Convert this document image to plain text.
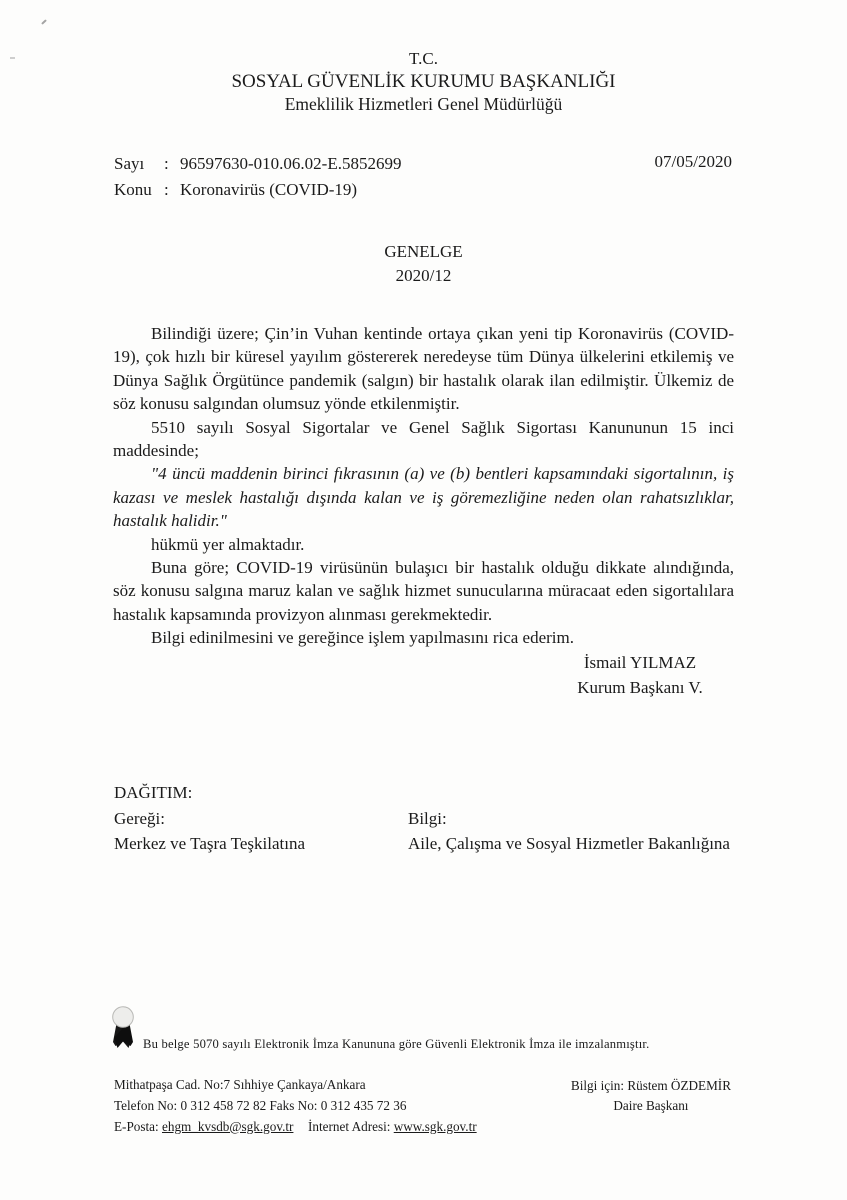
T.C.
SOSYAL GÜVENLİK KURUMU BAŞKANLIĞI
Emeklilik Hizmetleri Genel Müdürlüğü
Sayı	: 96597630-010.06.02-E.5852699
Konu : Koronavirüs (COVID-19)
07/05/2020
GENELGE
2020/12

Bilindiği üzere; Çin’in Vuhan kentinde ortaya çıkan yeni tip Koronavirüs (COVID-19), çok hızlı bir küresel yayılım göstererek neredeyse tüm Dünya ülkelerini etkilemiş ve Dünya Sağlık Örgütünce pandemik (salgın) bir hastalık olarak ilan edilmiştir. Ülkemiz de söz konusu salgından olumsuz yönde etkilenmiştir.

5510 sayılı Sosyal Sigortalar ve Genel Sağlık Sigortası Kanununun 15 inci maddesinde;

"4 üncü maddenin birinci fıkrasının (a) ve (b) bentleri kapsamındaki sigortalının, iş kazası ve meslek hastalığı dışında kalan ve iş göremezliğine neden olan rahatsızlıklar, hastalık halidir."

hükmü yer almaktadır.

Buna göre; COVID-19 virüsünün bulaşıcı bir hastalık olduğu dikkate alındığında, söz konusu salgına maruz kalan ve sağlık hizmet sunucularına müracaat eden sigortalılara hastalık kapsamında provizyon alınması gerekmektedir.

Bilgi edinilmesini ve gereğince işlem yapılmasını rica ederim.

İsmail YILMAZ
Kurum Başkanı V.
DAĞITIM:
Gereği:	Bilgi:
Merkez ve Taşra Teşkilatına	Aile, Çalışma ve Sosyal Hizmetler Bakanlığına
Bu belge 5070 sayılı Elektronik İmza Kanununa göre Güvenli Elektronik İmza ile imzalanmıştır.
Mithatpaşa Cad. No:7 Sıhhiye Çankaya/Ankara
Telefon No: 0 312 458 72 82 Faks No: 0 312 435 72 36
E-Posta: ehgm_kvsdb@sgk.gov.tr İnternet Adresi: www.sgk.gov.tr
Bilgi için: Rüstem ÖZDEMİR
Daire Başkanı
